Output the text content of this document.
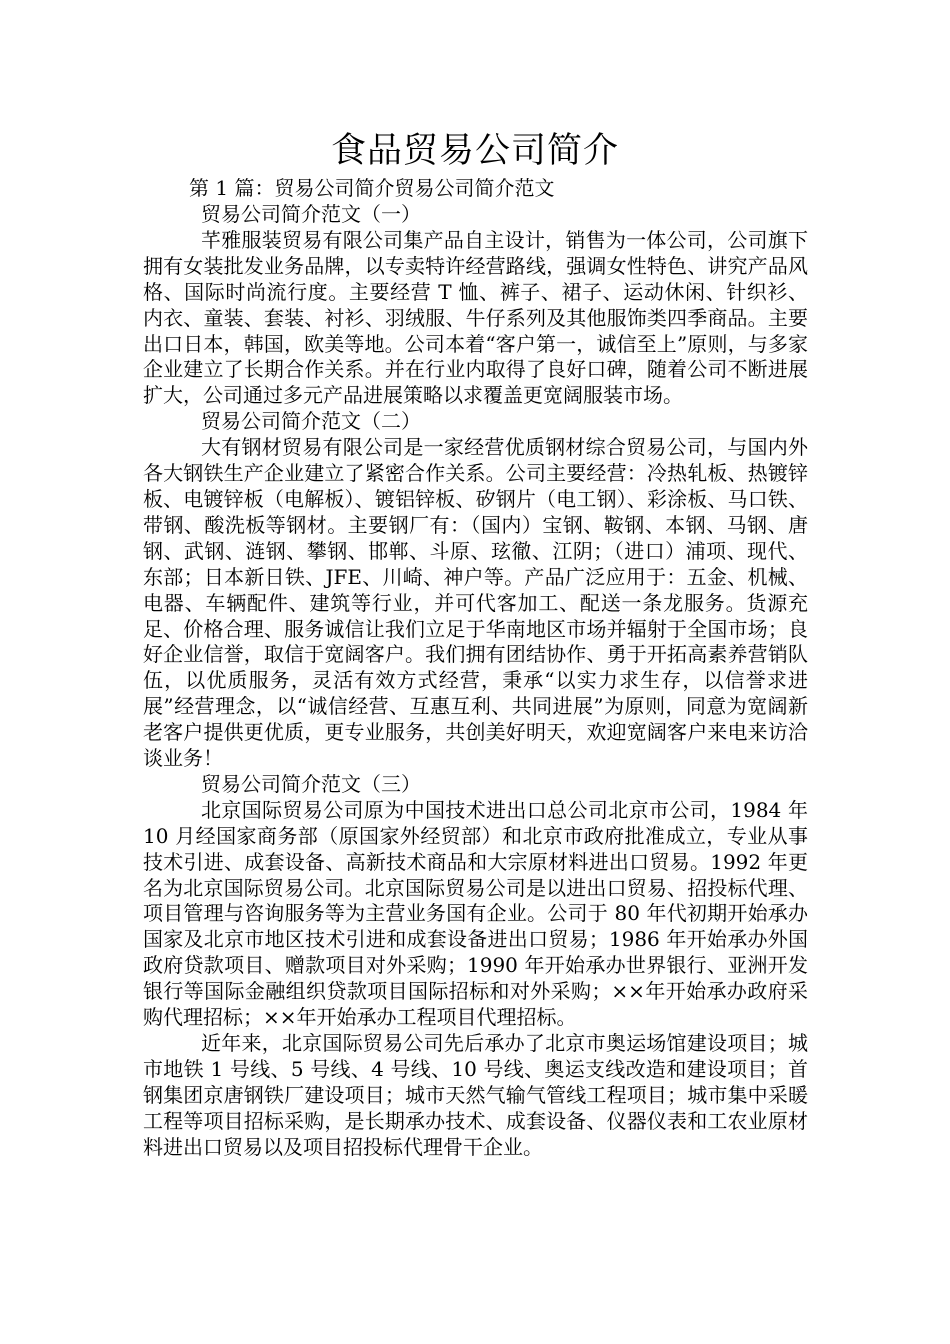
食品贸易公司简介
第 1 篇：贸易公司简介贸易公司简介范文

贸易公司简介范文（一）

芊雅服装贸易有限公司集产品自主设计，销售为一体公司，公司旗下拥有女装批发业务品牌，以专卖特许经营路线，强调女性特色、讲究产品风格、国际时尚流行度。主要经营 T 恤、裤子、裙子、运动休闲、针织衫、内衣、童装、套装、衬衫、羽绒服、牛仔系列及其他服饰类四季商品。主要出口日本，韩国，欧美等地。公司本着“客户第一，诚信至上”原则，与多家企业建立了长期合作关系。并在行业内取得了良好口碑，随着公司不断进展扩大，公司通过多元产品进展策略以求覆盖更宽阔服装市场。

贸易公司简介范文（二）

大有钢材贸易有限公司是一家经营优质钢材综合贸易公司，与国内外各大钢铁生产企业建立了紧密合作关系。公司主要经营：冷热轧板、热镀锌板、电镀锌板（电解板）、镀铝锌板、矽钢片（电工钢）、彩涂板、马口铁、带钢、酸洗板等钢材。主要钢厂有：（国内）宝钢、鞍钢、本钢、马钢、唐钢、武钢、涟钢、攀钢、邯郸、斗原、玹徹、江阴；（进口）浦项、现代、东部；日本新日铁、JFE、川崎、神户等。产品广泛应用于：五金、机械、电器、车辆配件、建筑等行业，并可代客加工、配送一条龙服务。货源充足、价格合理、服务诚信让我们立足于华南地区市场并辐射于全国市场；良好企业信誉，取信于宽阔客户。我们拥有团结协作、勇于开拓高素养营销队伍，以优质服务，灵活有效方式经营，秉承“以实力求生存，以信誉求进展”经营理念，以“诚信经营、互惠互利、共同进展”为原则，同意为宽阔新老客户提供更优质，更专业服务，共创美好明天，欢迎宽阔客户来电来访洽谈业务！

贸易公司简介范文（三）

北京国际贸易公司原为中国技术进出口总公司北京市公司，1984 年 10 月经国家商务部（原国家外经贸部）和北京市政府批准成立，专业从事技术引进、成套设备、高新技术商品和大宗原材料进出口贸易。1992 年更名为北京国际贸易公司。北京国际贸易公司是以进出口贸易、招投标代理、项目管理与咨询服务等为主营业务国有企业。公司于 80 年代初期开始承办国家及北京市地区技术引进和成套设备进出口贸易；1986 年开始承办外国政府贷款项目、赠款项目对外采购；1990 年开始承办世界银行、亚洲开发银行等国际金融组织贷款项目国际招标和对外采购；××年开始承办政府采购代理招标；××年开始承办工程项目代理招标。

近年来，北京国际贸易公司先后承办了北京市奥运场馆建设项目；城市地铁 1 号线、5 号线、4 号线、10 号线、奥运支线改造和建设项目；首钢集团京唐钢铁厂建设项目；城市天然气输气管线工程项目；城市集中采暖工程等项目招标采购，是长期承办技术、成套设备、仪器仪表和工农业原材料进出口贸易以及项目招投标代理骨干企业。
